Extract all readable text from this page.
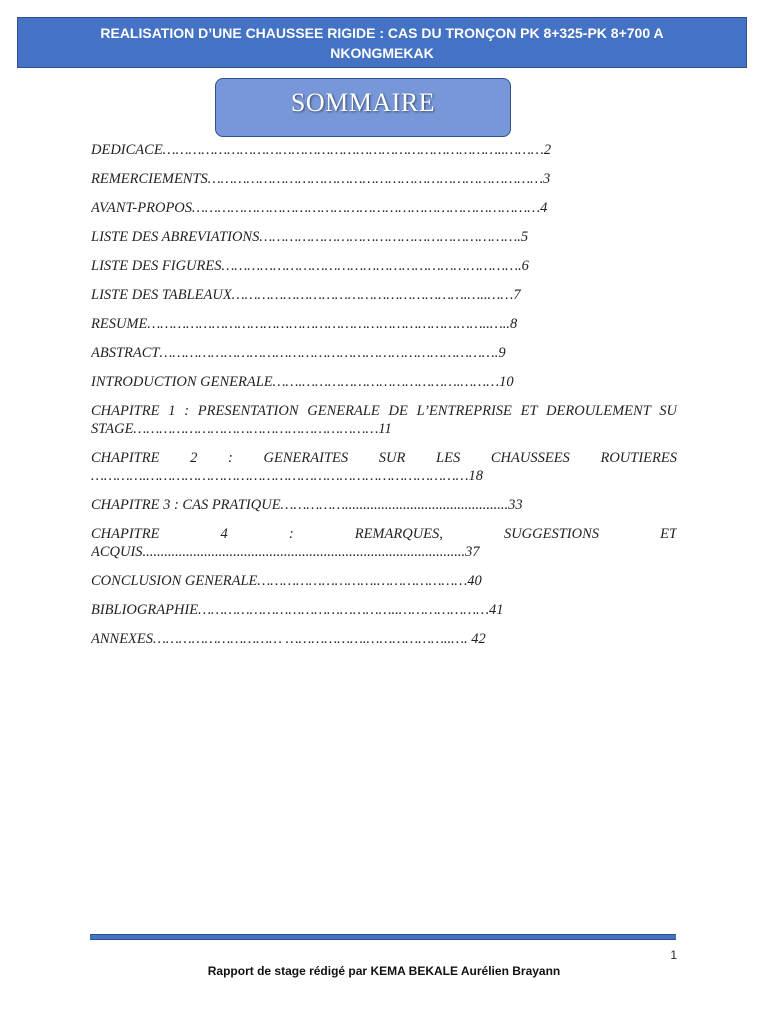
REALISATION D’UNE CHAUSSEE RIGIDE : CAS DU TRONÇON PK 8+325-PK 8+700 A
NKONGMEKAK
SOMMAIRE
DEDICACE……………………………………………………………………..………2
REMERCIEMENTS……………………………………………………………………3
AVANT-PROPOS………………………………………………………………………4
LISTE DES ABREVIATIONS…………………………………………………….5
LISTE DES FIGURES…………………………………………………………….6
LISTE DES TABLEAUX……………………………………………….…..……7
RESUME……………………………………………………………………..…..8
ABSTRACT…………………………………………………………………….9
INTRODUCTION GENERALE…….……………………………….………10
CHAPITRE 1 : PRESENTATION GENERALE DE L’ENTREPRISE ET DEROULEMENT SU STAGE…………………………………………………11
CHAPITRE 2 : GENERAITES SUR LES CHAUSSEES ROUTIERES ………….…………………………………………………………………18
CHAPITRE 3 : CAS PRATIQUE…………….............................................33
CHAPITRE 4 : REMARQUES, SUGGESTIONS ET ACQUIS.........................................................................................37
CONCLUSION GENERALE……………………….…………………40
BIBLIOGRAPHIE………………………………………..…………………41
ANNEXES………………………… ……………….………………..…. 42
1
Rapport de stage rédigé par KEMA BEKALE Aurélien Brayann
